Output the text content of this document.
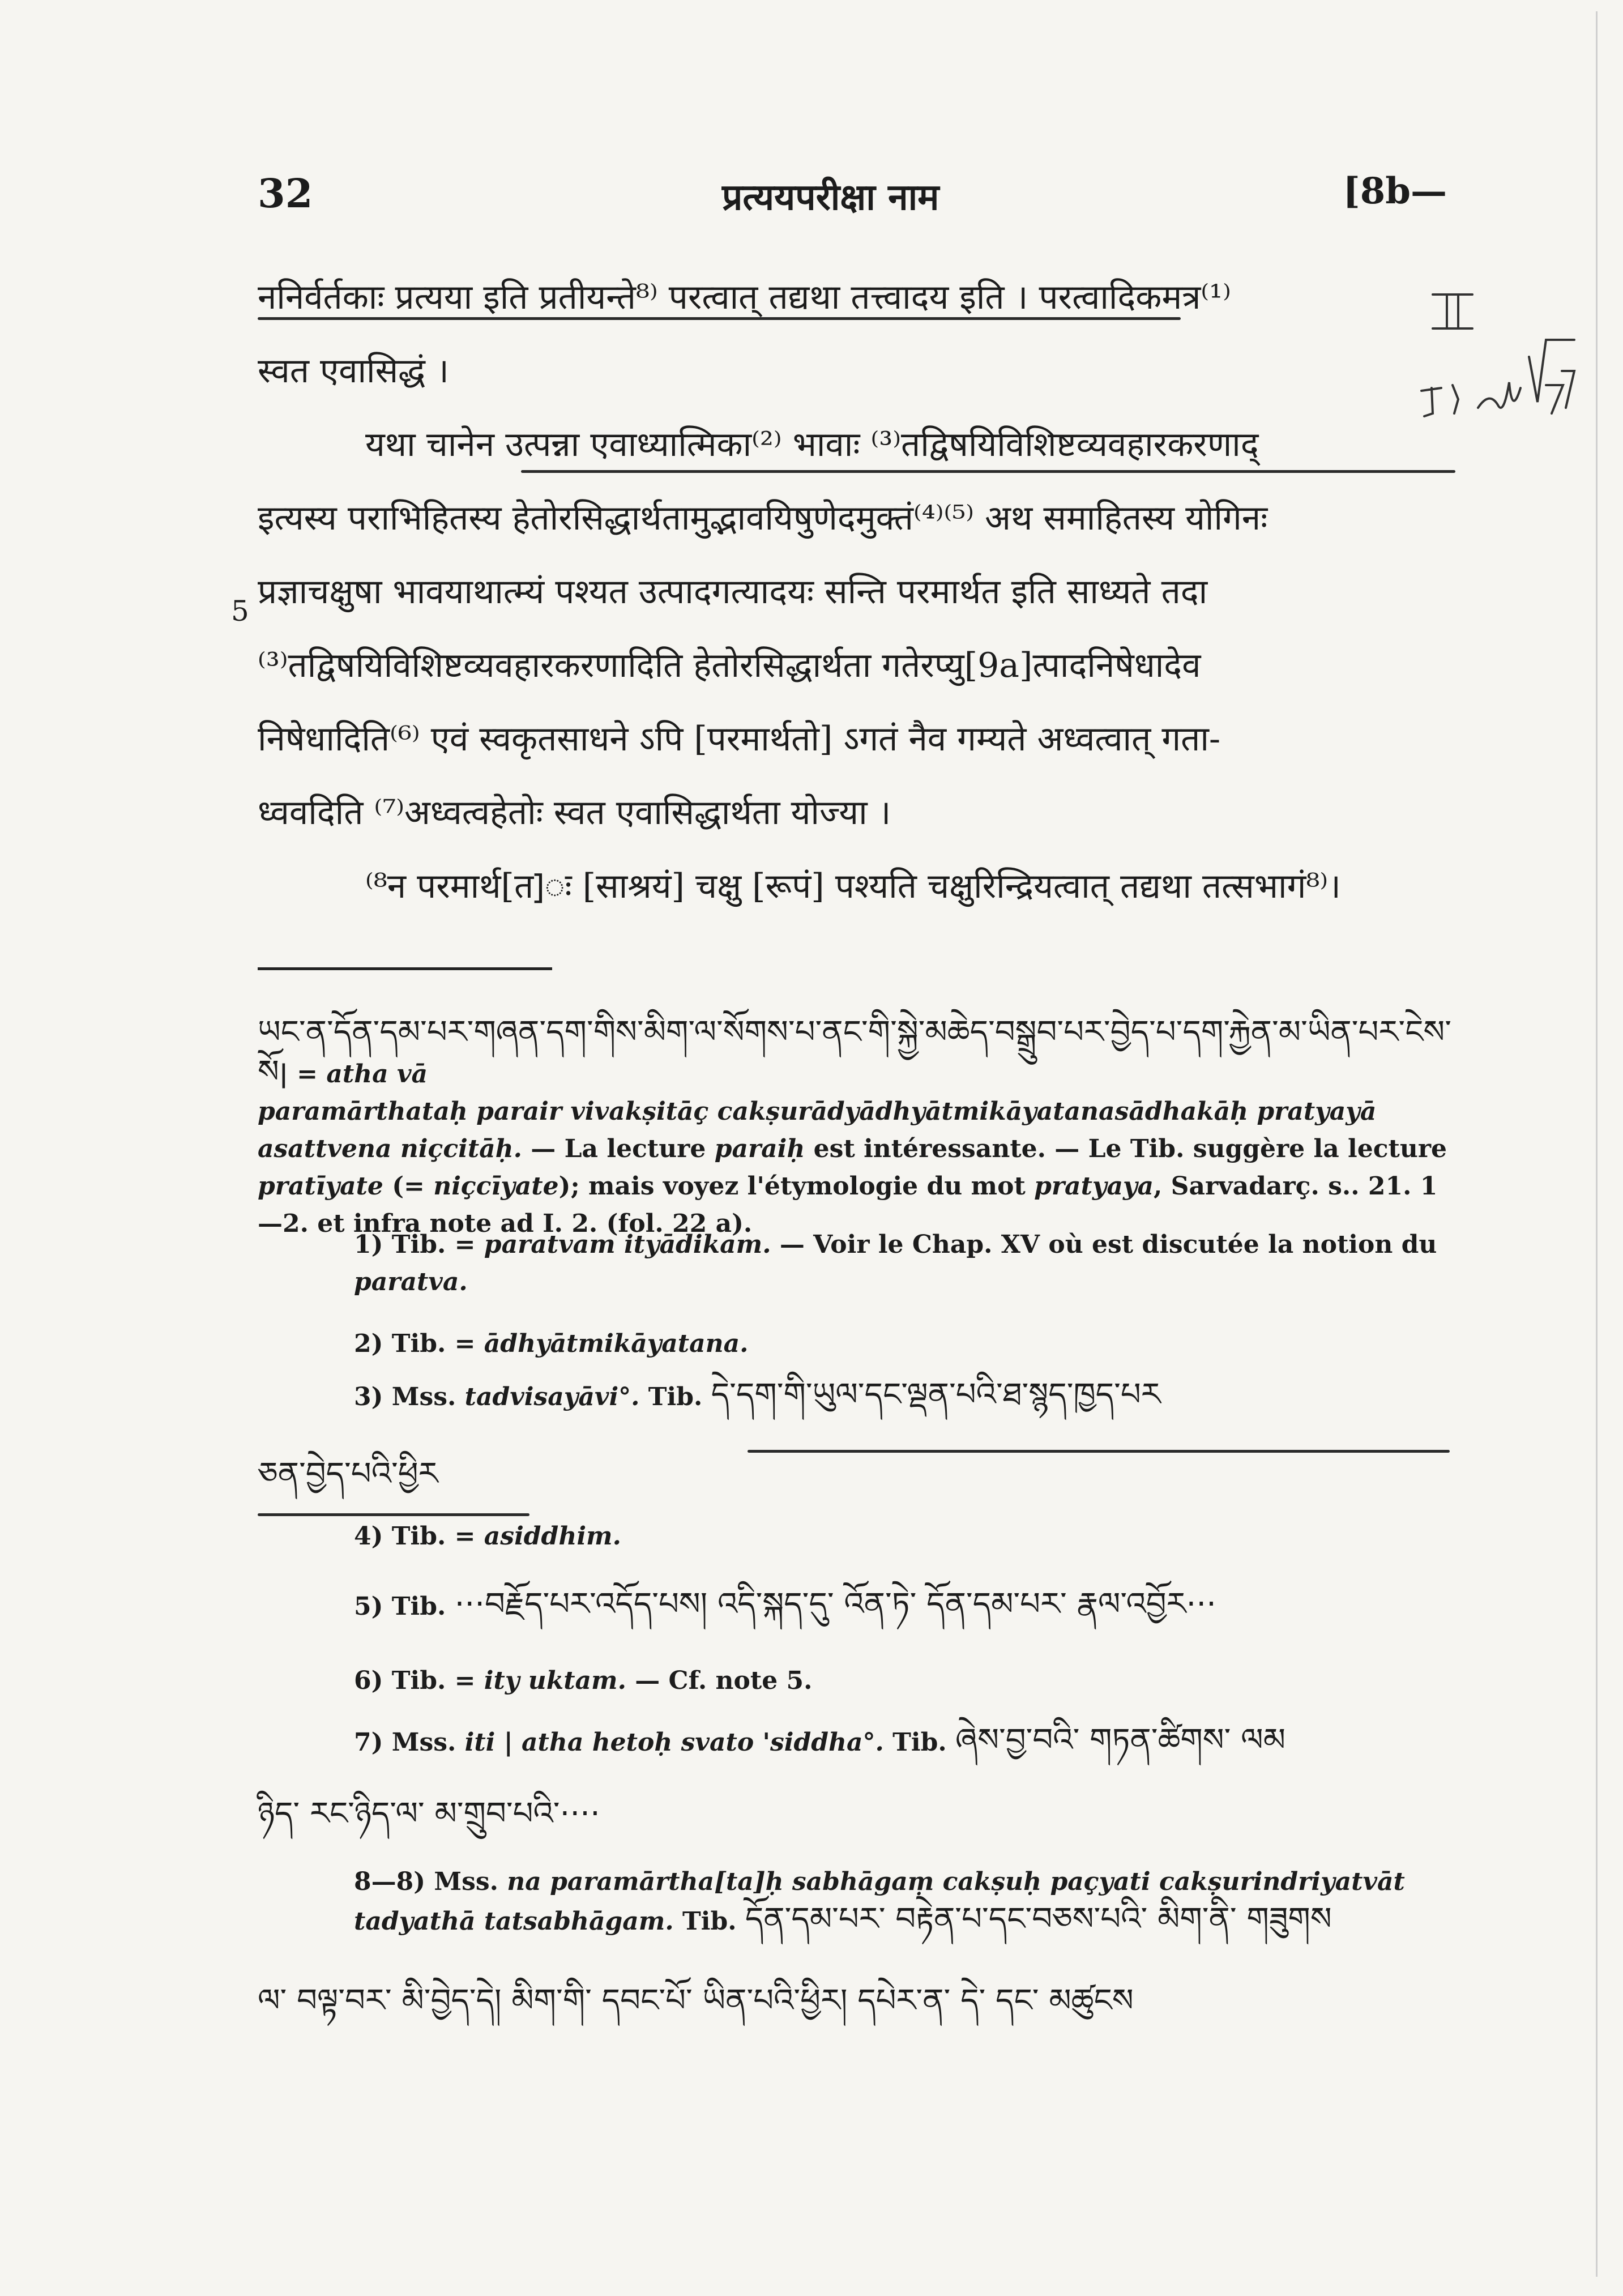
32	प्रत्ययपरीक्षा नाम	[8b—
ननिर्वर्तकाः प्रत्यया इति प्रतीयन्ते⁸⁾ परत्वात् तद्यथा तत्त्वादय इति । परत्वादिकमत्र⁽¹⁾
स्वत एवासिद्धं ।
यथा चानेन उत्पन्ना एवाध्यात्मिका⁽²⁾ भावाः ⁽³⁾तद्विषयिविशिष्टव्यवहारकरणाद्
इत्यस्य पराभिहितस्य हेतोरसिद्धार्थतामुद्भावयिषुणेदमुक्तं⁽⁴⁾⁽⁵⁾ अथ समाहितस्य योगिनः
प्रज्ञाचक्षुषा भावयाथात्म्यं पश्यत उत्पादगत्यादयः सन्ति परमार्थत इति साध्यते तदा
⁽³⁾तद्विषयिविशिष्टव्यवहारकरणादिति हेतोरसिद्धार्थता गतेरप्यु[9a]त्पादनिषेधादेव
निषेधादिति⁽⁶⁾ एवं स्वकृतसाधने ऽपि [परमार्थतो] ऽगतं नैव गम्यते अध्वत्वात् गता-
ध्ववदिति ⁽⁷⁾अध्वत्वहेतोः स्वत एवासिद्धार्थता योज्या ।
⁽⁸न परमार्थ[त]ः [साश्रयं] चक्षु [रूपं] पश्यति चक्षुरिन्द्रियत्वात् तद्यथा तत्सभागं⁸⁾।
5
ཡང་ན་དོན་དམ་པར་གཞན་དག་གིས་མིག་ལ་སོགས་པ་ནང་གི་སྐྱེ་མཆེད་བསྒྲུབ་པར་བྱེད་པ་དག་རྐྱེན་མ་ཡིན་པར་ངེས་སོ| = atha vā
paramārthataḥ parair vivakṣitāç cakṣurādyādhyātmikāyatanasādhakāḥ pratyayā asattvena niçcitāḥ. — La lecture paraiḥ est intéressante. — Le Tib. suggère la lecture pratīyate (= niçcīyate); mais voyez l'étymologie du mot pratyaya, Sarvadarç. s.. 21. 1—2. et infra note ad I. 2. (fol. 22 a).
1) Tib. = paratvam ityādikam. — Voir le Chap. XV où est discutée la notion du paratva.
2) Tib. = ādhyātmikāyatana.
3) Mss. tadvisayāvi°. Tib. དེ་དག་གི་ཡུལ་དང་ལྡན་པའི་ཐ་སྙད་ཁྱད་པར
ཅན་བྱེད་པའི་ཕྱིར
4) Tib. = asiddhim.
5) Tib. ···བརྗོད་པར་འདོད་པས། འདི་སྐད་དུ་ འོན་ཏེ་ དོན་དམ་པར་ རྣལ་འབྱོར···
6) Tib. = ity uktam. — Cf. note 5.
7) Mss. iti | atha hetoḥ svato 'siddha°. Tib. ཞེས་བྱ་བའི་ གཏན་ཚིགས་ ལམ
ཉིད་ རང་ཉིད་ལ་ མ་གྲུབ་པའི་····
8—8) Mss. na paramārtha[ta]ḥ sabhāgaṃ cakṣuḥ paçyati cakṣurindriyatvāt tadyathā tatsabhāgam. Tib. དོན་དམ་པར་ བརྟེན་པ་དང་བཅས་པའི་ མིག་ནི་ གཟུགས
ལ་ བལྟ་བར་ མི་བྱེད་དེ། མིག་གི་ དབང་པོ་ ཡིན་པའི་ཕྱིར། དཔེར་ན་ དེ་ དང་ མཚུངས
